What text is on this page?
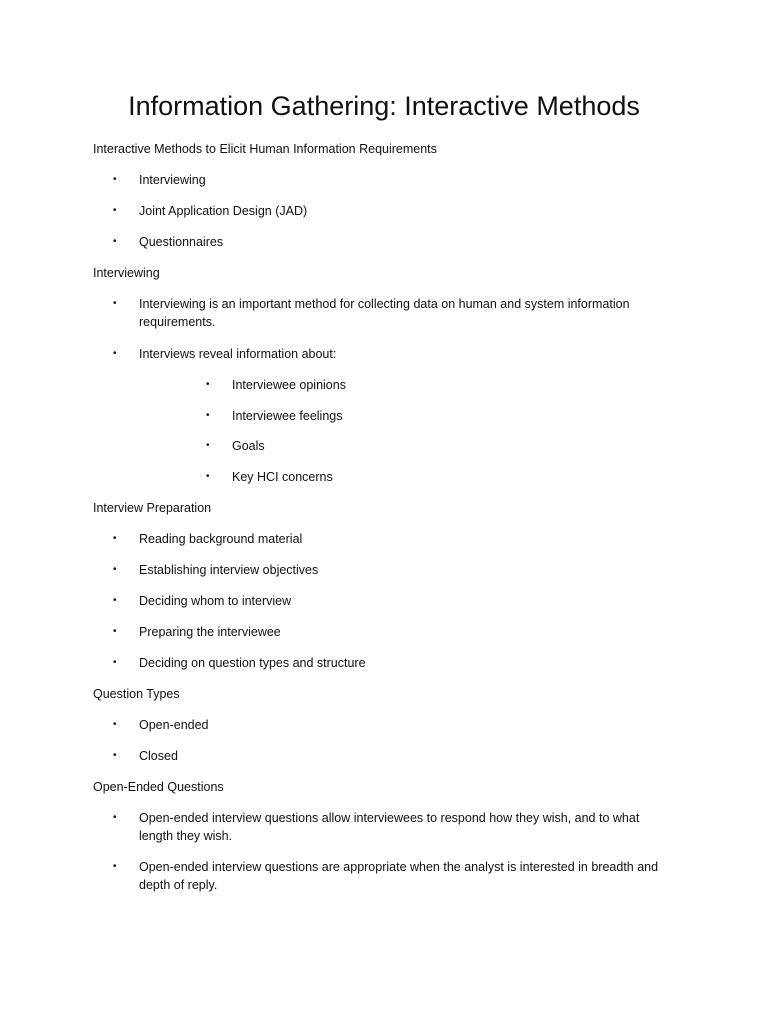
Information Gathering: Interactive Methods

Interactive Methods to Elicit Human Information Requirements

• Interviewing
• Joint Application Design (JAD)
• Questionnaires

Interviewing

• Interviewing is an important method for collecting data on human and system information requirements.
• Interviews reveal information about:
• Interviewee opinions
• Interviewee feelings
• Goals
• Key HCI concerns

Interview Preparation

• Reading background material
• Establishing interview objectives
• Deciding whom to interview
• Preparing the interviewee
• Deciding on question types and structure

Question Types

• Open-ended
• Closed

Open-Ended Questions

• Open-ended interview questions allow interviewees to respond how they wish, and to what length they wish.
• Open-ended interview questions are appropriate when the analyst is interested in breadth and depth of reply.
